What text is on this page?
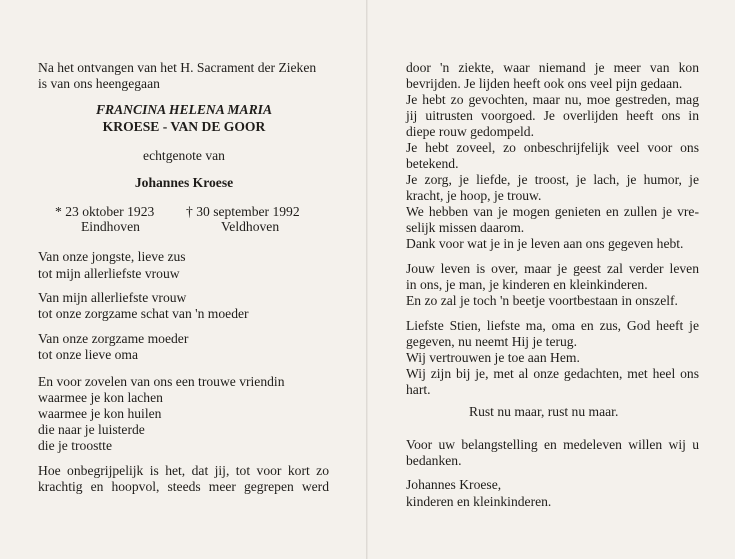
Na het ontvangen van het H. Sacrament der Zieken
is van ons heengegaan
FRANCINA HELENA MARIA
KROESE - VAN DE GOOR
echtgenote van
Johannes Kroese
* 23 oktober 1923
Eindhoven
† 30 september 1992
Veldhoven
Van onze jongste, lieve zus
tot mijn allerliefste vrouw
Van mijn allerliefste vrouw
tot onze zorgzame schat van 'n moeder
Van onze zorgzame moeder
tot onze lieve oma
En voor zovelen van ons een trouwe vriendin
waarmee je kon lachen
waarmee je kon huilen
die naar je luisterde
die je troostte
Hoe onbegrijpelijk is het, dat jij, tot voor kort zo
krachtig en hoopvol, steeds meer gegrepen werd
door 'n ziekte, waar niemand je meer van kon
bevrijden. Je lijden heeft ook ons veel pijn gedaan.
Je hebt zo gevochten, maar nu, moe gestreden, mag
jij uitrusten voorgoed. Je overlijden heeft ons in
diepe rouw gedompeld.
Je hebt zoveel, zo onbeschrijfelijk veel voor ons
betekend.
Je zorg, je liefde, je troost, je lach, je humor, je
kracht, je hoop, je trouw.
We hebben van je mogen genieten en zullen je vre-
selijk missen daarom.
Dank voor wat je in je leven aan ons gegeven hebt.
Jouw leven is over, maar je geest zal verder leven
in ons, je man, je kinderen en kleinkinderen.
En zo zal je toch 'n beetje voortbestaan in onszelf.
Liefste Stien, liefste ma, oma en zus, God heeft je
gegeven, nu neemt Hij je terug.
Wij vertrouwen je toe aan Hem.
Wij zijn bij je, met al onze gedachten, met heel ons
hart.
Rust nu maar, rust nu maar.
Voor uw belangstelling en medeleven willen wij u
bedanken.
Johannes Kroese,
kinderen en kleinkinderen.
